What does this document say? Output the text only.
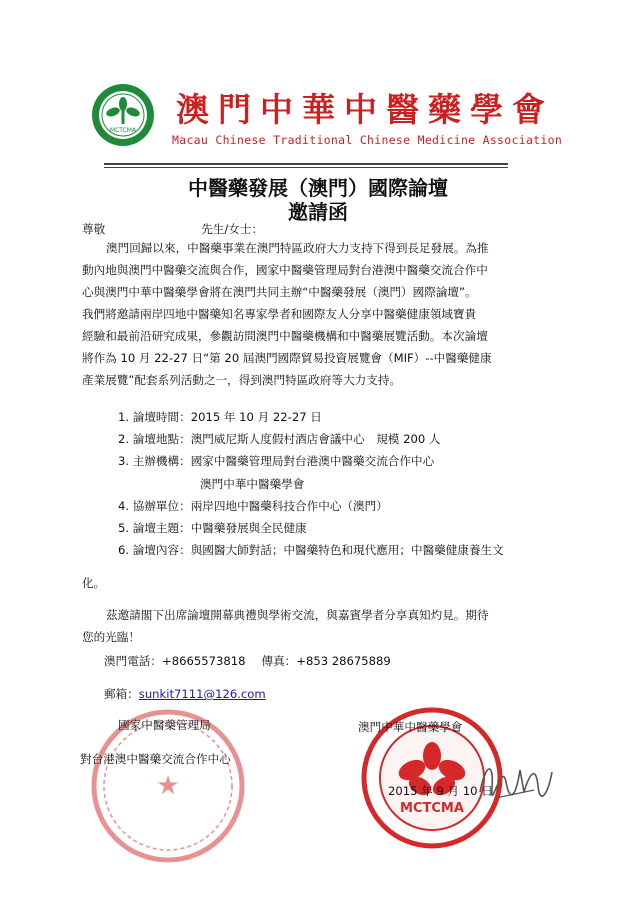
MCTCMA
澳門中華中醫藥學會
Macau Chinese Traditional Chinese Medicine Association
中醫藥發展（澳門）國際論壇
邀請函
尊敬	先生/女士：
澳門回歸以來，中醫藥事業在澳門特區政府大力支持下得到長足發展。為推
動內地與澳門中醫藥交流與合作，國家中醫藥管理局對台港澳中醫藥交流合作中
心與澳門中華中醫藥學會將在澳門共同主辦“中醫藥發展（澳門）國際論壇”。
我們將邀請兩岸四地中醫藥知名專家學者和國際友人分享中醫藥健康領域寶貴
經驗和最前沿研究成果，參觀訪問澳門中醫藥機構和中醫藥展覽活動。本次論壇
將作為 10 月 22-27 日“第 20 屆澳門國際貿易投資展覽會（MIF）--中醫藥健康
產業展覽”配套系列活動之一，得到澳門特區政府等大力支持。
1. 論壇時間：2015 年 10 月 22-27 日
2. 論壇地點：澳門威尼斯人度假村酒店會議中心　規模 200 人
3. 主辦機構：國家中醫藥管理局對台港澳中醫藥交流合作中心
澳門中華中醫藥學會
4. 協辦單位：兩岸四地中醫藥科技合作中心（澳門）
5. 論壇主題：中醫藥發展與全民健康
6. 論壇內容：與國醫大師對話；中醫藥特色和現代應用；中醫藥健康養生文
化。
茲邀請閣下出席論壇開幕典禮與學術交流，與嘉賓學者分享真知灼見。期待
您的光臨！
澳門電話：+8665573818 傳真：+853 28675889
郵箱：sunkit7111@126.com
★
MCTCMA
國家中醫藥管理局
對台港澳中醫藥交流合作中心
澳門中華中醫藥學會
2015 年 9 月 10 日
